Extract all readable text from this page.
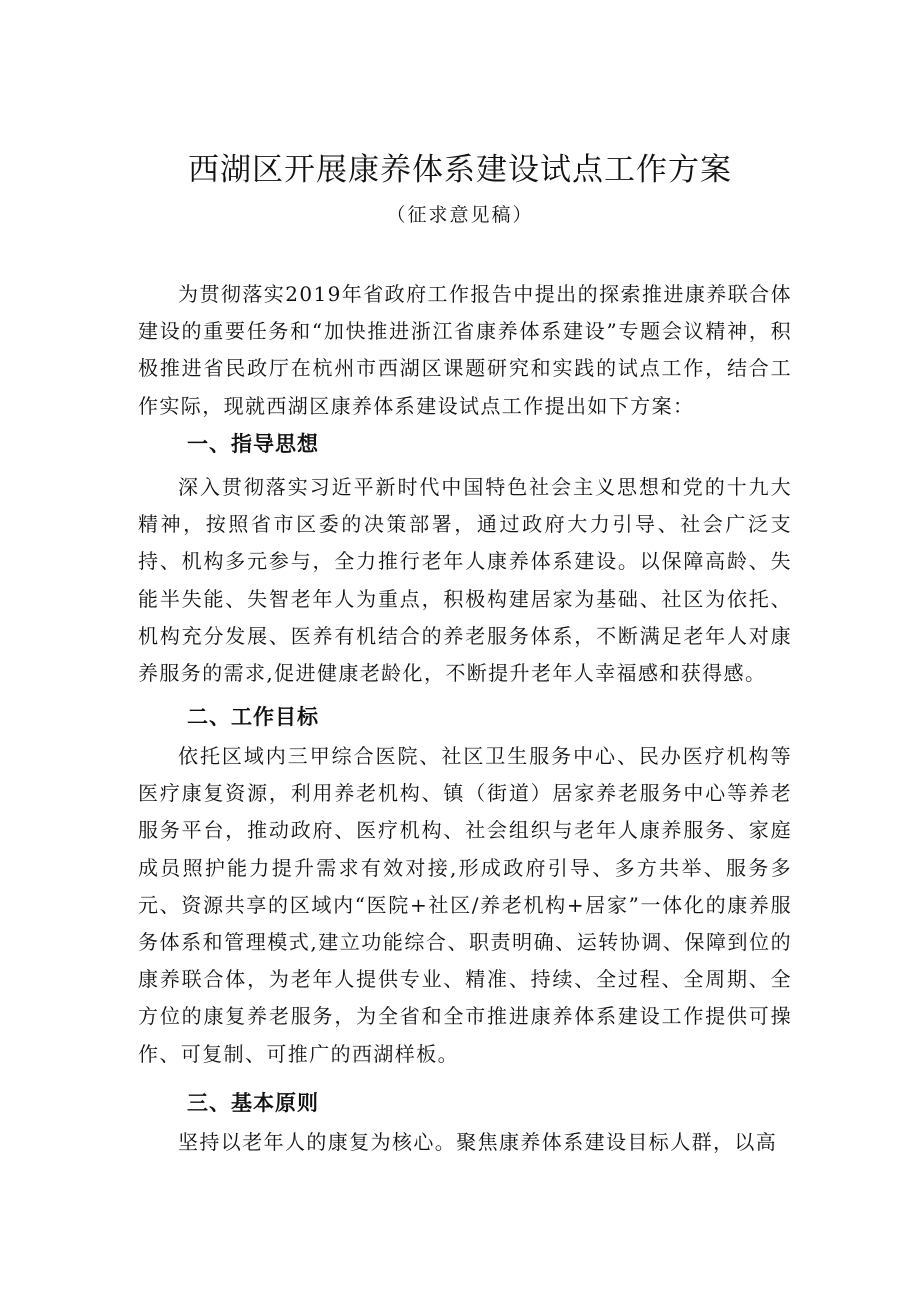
西湖区开展康养体系建设试点工作方案
（征求意见稿）

为贯彻落实2019年省政府工作报告中提出的探索推进康养联合体建设的重要任务和“加快推进浙江省康养体系建设”专题会议精神，积极推进省民政厅在杭州市西湖区课题研究和实践的试点工作，结合工作实际，现就西湖区康养体系建设试点工作提出如下方案：

一、指导思想

深入贯彻落实习近平新时代中国特色社会主义思想和党的十九大精神，按照省市区委的决策部署，通过政府大力引导、社会广泛支持、机构多元参与，全力推行老年人康养体系建设。以保障高龄、失能半失能、失智老年人为重点，积极构建居家为基础、社区为依托、机构充分发展、医养有机结合的养老服务体系，不断满足老年人对康养服务的需求,促进健康老龄化，不断提升老年人幸福感和获得感。

二、工作目标

依托区域内三甲综合医院、社区卫生服务中心、民办医疗机构等医疗康复资源，利用养老机构、镇（街道）居家养老服务中心等养老服务平台，推动政府、医疗机构、社会组织与老年人康养服务、家庭成员照护能力提升需求有效对接,形成政府引导、多方共举、服务多元、资源共享的区域内“医院+社区/养老机构+居家”一体化的康养服务体系和管理模式,建立功能综合、职责明确、运转协调、保障到位的康养联合体，为老年人提供专业、精准、持续、全过程、全周期、全方位的康复养老服务，为全省和全市推进康养体系建设工作提供可操作、可复制、可推广的西湖样板。

三、基本原则

坚持以老年人的康复为核心。聚焦康养体系建设目标人群，以高
